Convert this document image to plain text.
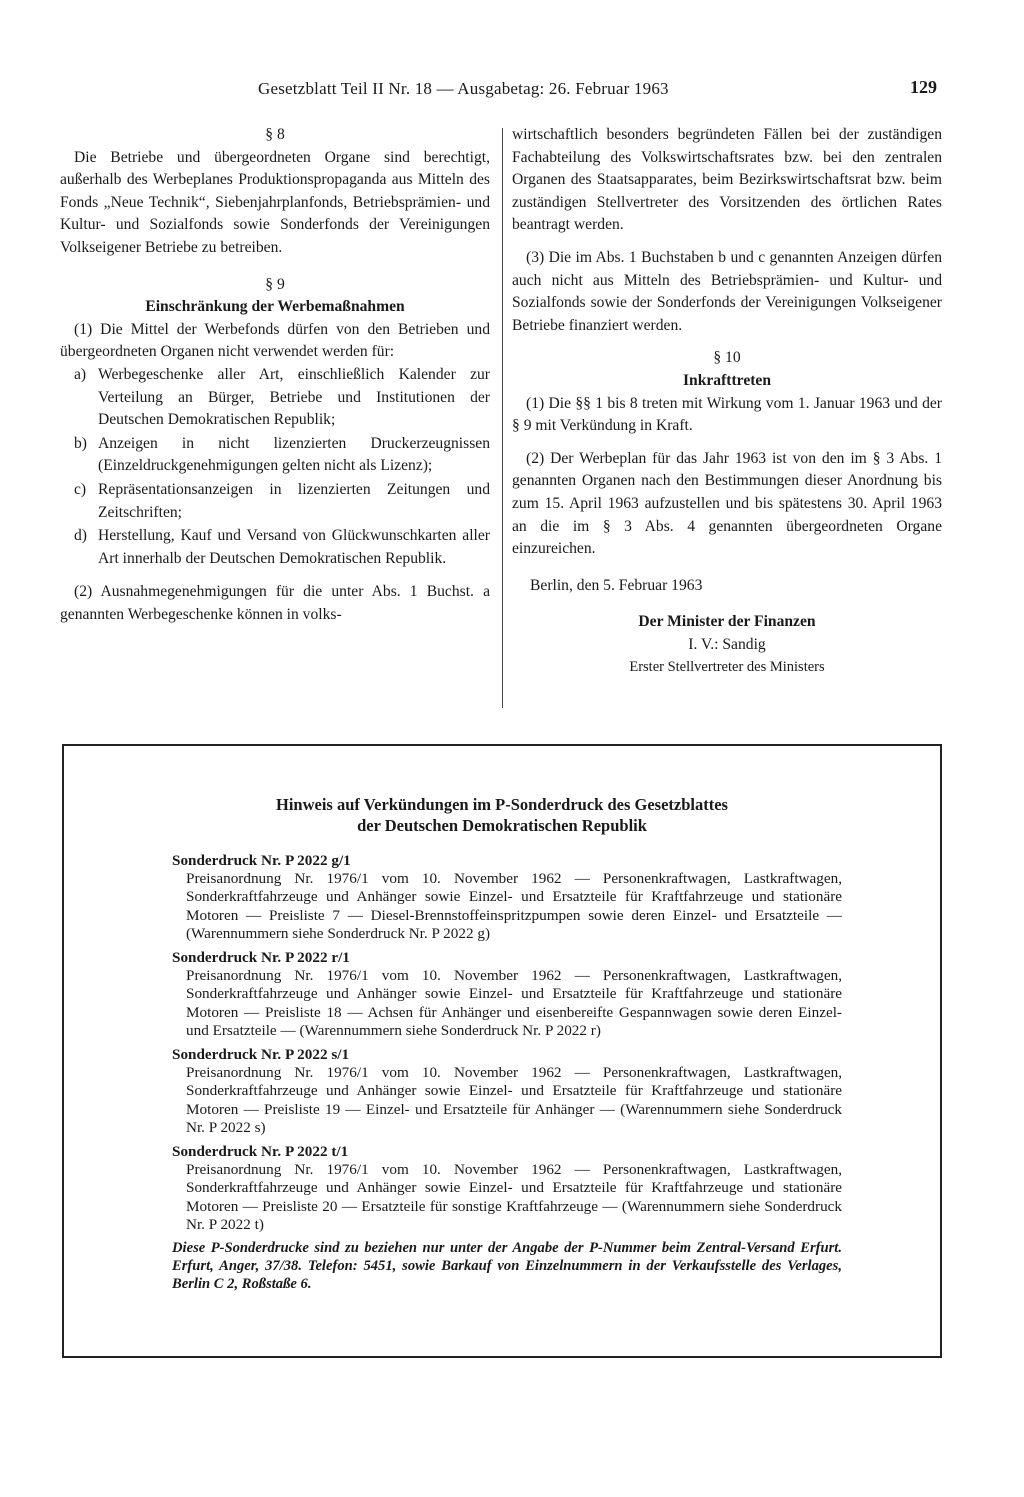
Gesetzblatt Teil II Nr. 18 — Ausgabetag: 26. Februar 1963	129

§ 8

Die Betriebe und übergeordneten Organe sind berechtigt, außerhalb des Werbeplanes Produktionspropaganda aus Mitteln des Fonds „Neue Technik“, Siebenjahrplanfonds, Betriebsprämien- und Kultur- und Sozialfonds sowie Sonderfonds der Vereinigungen Volkseigener Betriebe zu betreiben.

§ 9

Einschränkung der Werbemaßnahmen

(1) Die Mittel der Werbefonds dürfen von den Betrieben und übergeordneten Organen nicht verwendet werden für:

a) Werbegeschenke aller Art, einschließlich Kalender zur Verteilung an Bürger, Betriebe und Institutionen der Deutschen Demokratischen Republik;
b) Anzeigen in nicht lizenzierten Druckerzeugnissen (Einzeldruckgenehmigungen gelten nicht als Lizenz);
c) Repräsentationsanzeigen in lizenzierten Zeitungen und Zeitschriften;
d) Herstellung, Kauf und Versand von Glückwunschkarten aller Art innerhalb der Deutschen Demokratischen Republik.

(2) Ausnahmegenehmigungen für die unter Abs. 1 Buchst. a genannten Werbegeschenke können in volks-

wirtschaftlich besonders begründeten Fällen bei der zuständigen Fachabteilung des Volkswirtschaftsrates bzw. bei den zentralen Organen des Staatsapparates, beim Bezirkswirtschaftsrat bzw. beim zuständigen Stellvertreter des Vorsitzenden des örtlichen Rates beantragt werden.

(3) Die im Abs. 1 Buchstaben b und c genannten Anzeigen dürfen auch nicht aus Mitteln des Betriebsprämien- und Kultur- und Sozialfonds sowie der Sonderfonds der Vereinigungen Volkseigener Betriebe finanziert werden.

§ 10

Inkrafttreten

(1) Die §§ 1 bis 8 treten mit Wirkung vom 1. Januar 1963 und der § 9 mit Verkündung in Kraft.

(2) Der Werbeplan für das Jahr 1963 ist von den im § 3 Abs. 1 genannten Organen nach den Bestimmungen dieser Anordnung bis zum 15. April 1963 aufzustellen und bis spätestens 30. April 1963 an die im § 3 Abs. 4 genannten übergeordneten Organe einzureichen.

Berlin, den 5. Februar 1963

Der Minister der Finanzen

I. V.: Sandig

Erster Stellvertreter des Ministers

Hinweis auf Verkündungen im P-Sonderdruck des Gesetzblattes
der Deutschen Demokratischen Republik

Sonderdruck Nr. P 2022 g/1

Preisanordnung Nr. 1976/1 vom 10. November 1962 — Personenkraftwagen, Lastkraftwagen, Sonderkraftfahrzeuge und Anhänger sowie Einzel- und Ersatzteile für Kraftfahrzeuge und stationäre Motoren — Preisliste 7 — Diesel-Brennstoffeinspritzpumpen sowie deren Einzel- und Ersatzteile — (Warennummern siehe Sonderdruck Nr. P 2022 g)

Sonderdruck Nr. P 2022 r/1

Preisanordnung Nr. 1976/1 vom 10. November 1962 — Personenkraftwagen, Lastkraftwagen, Sonderkraftfahrzeuge und Anhänger sowie Einzel- und Ersatzteile für Kraftfahrzeuge und stationäre Motoren — Preisliste 18 — Achsen für Anhänger und eisenbereifte Gespannwagen sowie deren Einzel- und Ersatzteile — (Warennummern siehe Sonderdruck Nr. P 2022 r)

Sonderdruck Nr. P 2022 s/1

Preisanordnung Nr. 1976/1 vom 10. November 1962 — Personenkraftwagen, Lastkraftwagen, Sonderkraftfahrzeuge und Anhänger sowie Einzel- und Ersatzteile für Kraftfahrzeuge und stationäre Motoren — Preisliste 19 — Einzel- und Ersatzteile für Anhänger — (Warennummern siehe Sonderdruck Nr. P 2022 s)

Sonderdruck Nr. P 2022 t/1

Preisanordnung Nr. 1976/1 vom 10. November 1962 — Personenkraftwagen, Lastkraftwagen, Sonderkraftfahrzeuge und Anhänger sowie Einzel- und Ersatzteile für Kraftfahrzeuge und stationäre Motoren — Preisliste 20 — Ersatzteile für sonstige Kraftfahrzeuge — (Warennummern siehe Sonderdruck Nr. P 2022 t)

Diese P-Sonderdrucke sind zu beziehen nur unter der Angabe der P-Nummer beim Zentral-Versand Erfurt. Erfurt, Anger, 37/38. Telefon: 5451, sowie Barkauf von Einzelnummern in der Verkaufsstelle des Verlages, Berlin C 2, Roßstaße 6.
